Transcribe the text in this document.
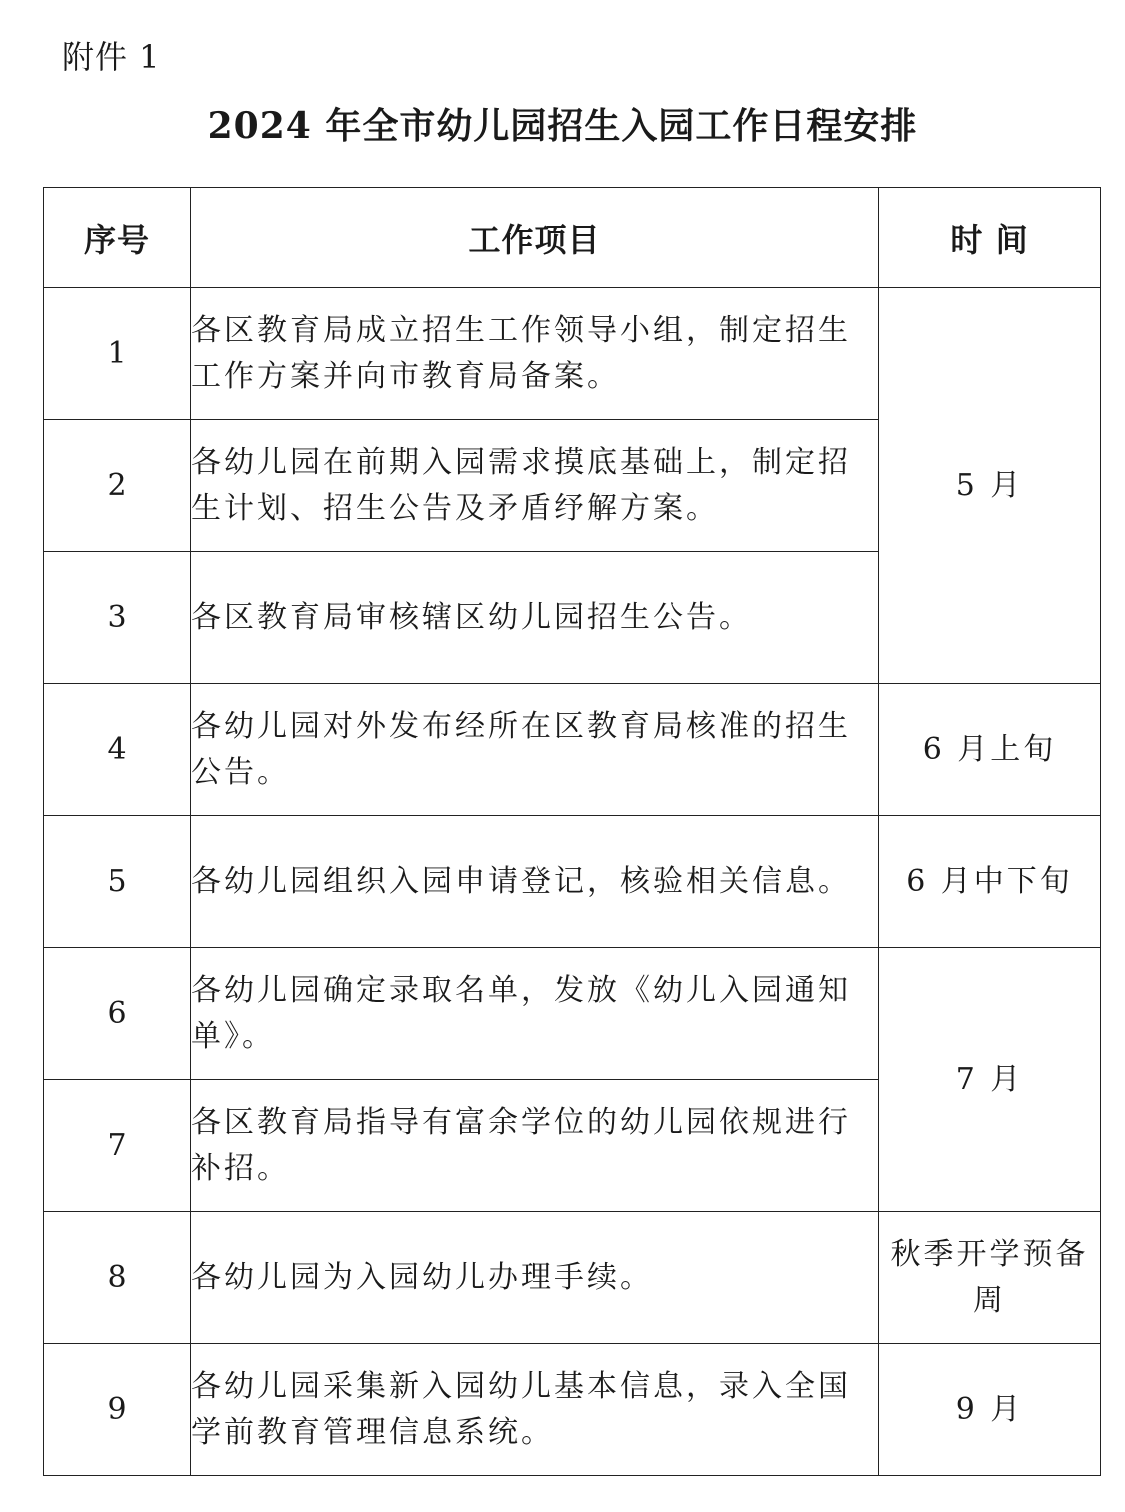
附件 1
2024 年全市幼儿园招生入园工作日程安排
序号	工作项目	时 间
1	各区教育局成立招生工作领导小组，制定招生工作方案并向市教育局备案。	5 月
2	各幼儿园在前期入园需求摸底基础上，制定招生计划、招生公告及矛盾纾解方案。	
3	各区教育局审核辖区幼儿园招生公告。	
4	各幼儿园对外发布经所在区教育局核准的招生公告。	6 月上旬
5	各幼儿园组织入园申请登记，核验相关信息。	6 月中下旬
6	各幼儿园确定录取名单，发放《幼儿入园通知单》。	7 月
7	各区教育局指导有富余学位的幼儿园依规进行补招。	
8	各幼儿园为入园幼儿办理手续。	秋季开学预备周
9	各幼儿园采集新入园幼儿基本信息，录入全国学前教育管理信息系统。	9 月
